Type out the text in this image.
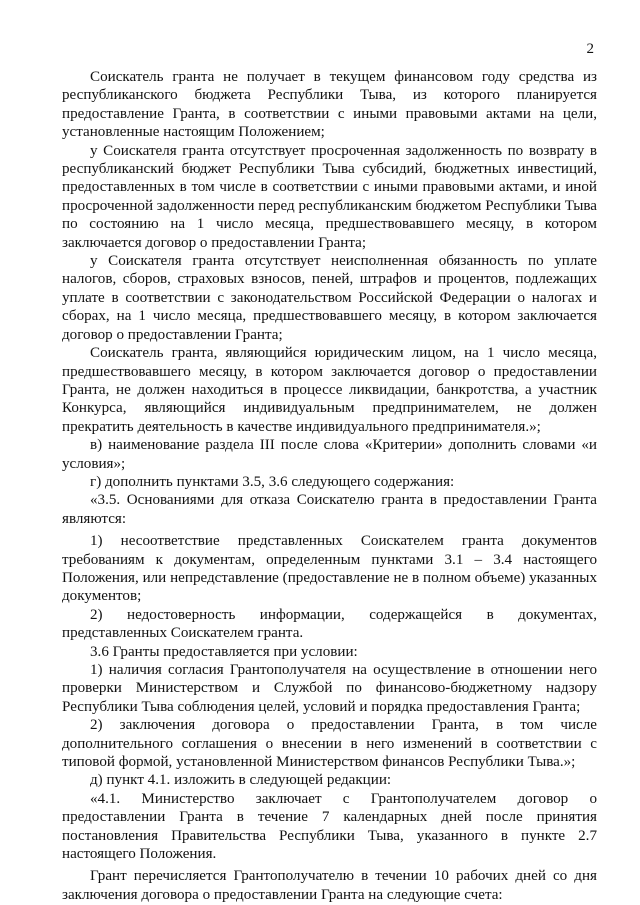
2

Соискатель гранта не получает в текущем финансовом году средства из республиканского бюджета Республики Тыва, из которого планируется предоставление Гранта, в соответствии с иными правовыми актами на цели, установленные настоящим Положением;

у Соискателя гранта отсутствует просроченная задолженность по возврату в республиканский бюджет Республики Тыва субсидий, бюджетных инвестиций, предоставленных в том числе в соответствии с иными правовыми актами, и иной просроченной задолженности перед республиканским бюджетом Республики Тыва по состоянию на 1 число месяца, предшествовавшего месяцу, в котором заключается договор о предоставлении Гранта;

у Соискателя гранта отсутствует неисполненная обязанность по уплате налогов, сборов, страховых взносов, пеней, штрафов и процентов, подлежащих уплате в соответствии с законодательством Российской Федерации о налогах и сборах, на 1 число месяца, предшествовавшего месяцу, в котором заключается договор о предоставлении Гранта;

Соискатель гранта, являющийся юридическим лицом, на 1 число месяца, предшествовавшего месяцу, в котором заключается договор о предоставлении Гранта, не должен находиться в процессе ликвидации, банкротства, а участник Конкурса, являющийся индивидуальным предпринимателем, не должен прекратить деятельность в качестве индивидуального предпринимателя.»;

в) наименование раздела III после слова «Критерии» дополнить словами «и условия»;

г) дополнить пунктами 3.5, 3.6 следующего содержания:

«3.5. Основаниями для отказа Соискателю гранта в предоставлении Гранта являются:

1) несоответствие представленных Соискателем гранта документов требованиям к документам, определенным пунктами 3.1 – 3.4 настоящего Положения, или непредставление (предоставление не в полном объеме) указанных документов;

2) недостоверность информации, содержащейся в документах, представленных Соискателем гранта.

3.6 Гранты предоставляется при условии:

1) наличия согласия Грантополучателя на осуществление в отношении него проверки Министерством и Службой по финансово-бюджетному надзору Республики Тыва соблюдения целей, условий и порядка предоставления Гранта;

2) заключения договора о предоставлении Гранта, в том числе дополнительного соглашения о внесении в него изменений в соответствии с типовой формой, установленной Министерством финансов Республики Тыва.»;

д) пункт 4.1. изложить в следующей редакции:

«4.1. Министерство заключает с Грантополучателем договор о предоставлении Гранта в течение 7 календарных дней после принятия постановления Правительства Республики Тыва, указанного в пункте 2.7 настоящего Положения.

Грант перечисляется Грантополучателю в течении 10 рабочих дней со дня заключения договора о предоставлении Гранта на следующие счета:
